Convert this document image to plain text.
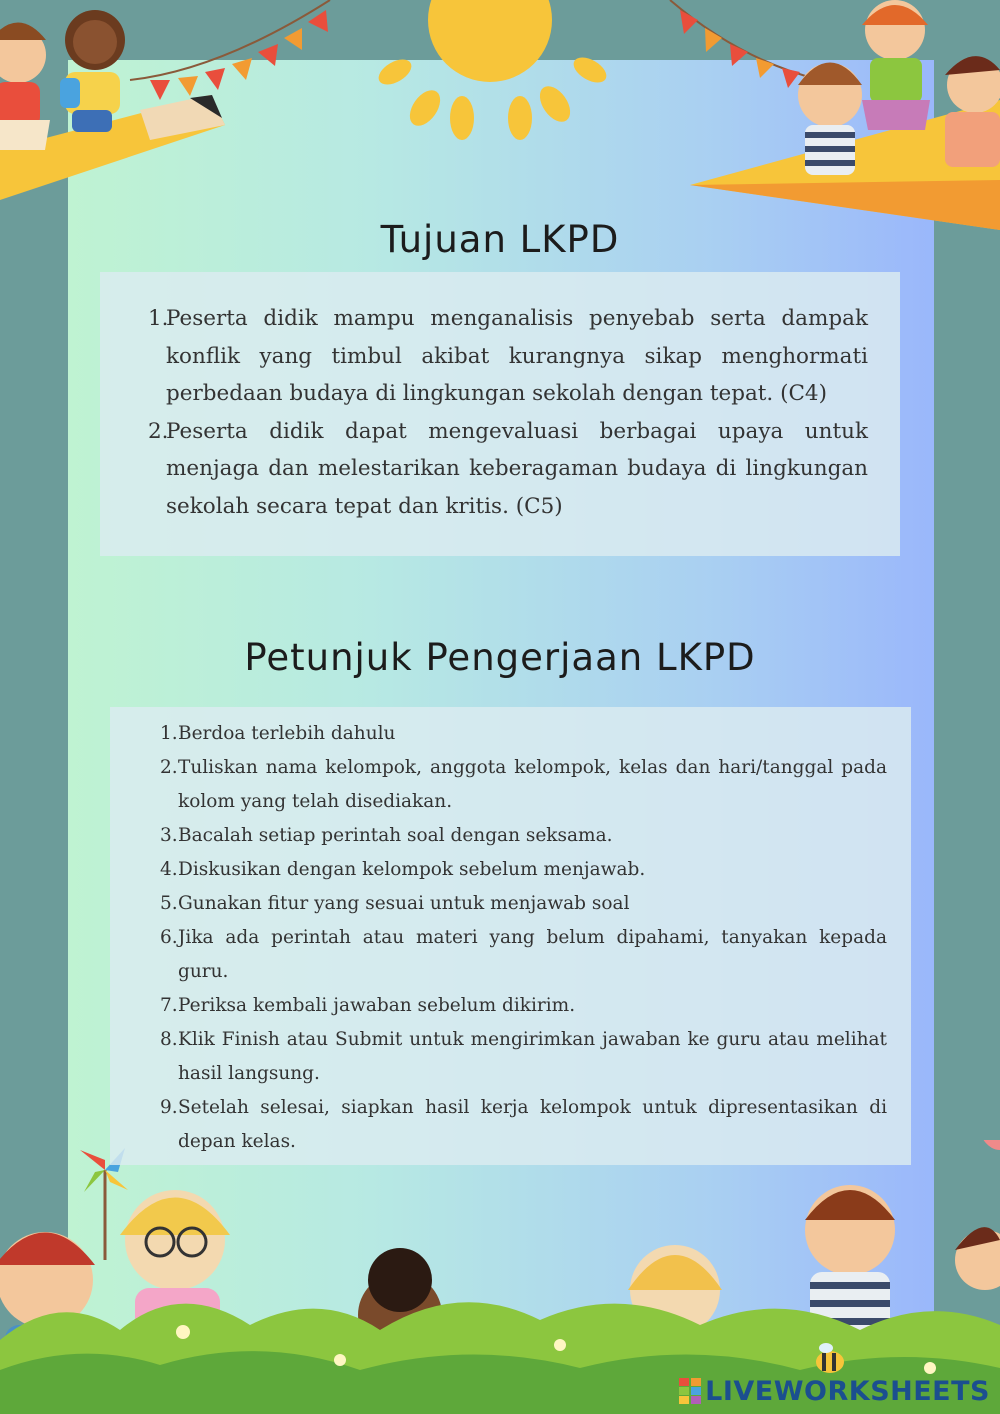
Tujuan LKPD
1.
Peserta didik mampu menganalisis penyebab serta dampak konflik yang timbul akibat kurangnya sikap menghormati perbedaan budaya di lingkungan sekolah dengan tepat. (C4)
2.
Peserta didik dapat mengevaluasi berbagai upaya untuk menjaga dan melestarikan keberagaman budaya di lingkungan sekolah secara tepat dan kritis. (C5)
Petunjuk Pengerjaan LKPD
1. Berdoa terlebih dahulu
2. Tuliskan nama kelompok, anggota kelompok, kelas dan hari/tanggal pada kolom yang telah disediakan.
3. Bacalah setiap perintah soal dengan seksama.
4. Diskusikan dengan kelompok sebelum menjawab.
5. Gunakan fitur yang sesuai untuk menjawab soal
6. Jika ada perintah atau materi yang belum dipahami, tanyakan kepada guru.
7. Periksa kembali jawaban sebelum dikirim.
8. Klik Finish atau Submit untuk mengirimkan jawaban ke guru atau melihat hasil langsung.
9. Setelah selesai, siapkan hasil kerja kelompok untuk dipresentasikan di depan kelas.
LIVEWORKSHEETS
